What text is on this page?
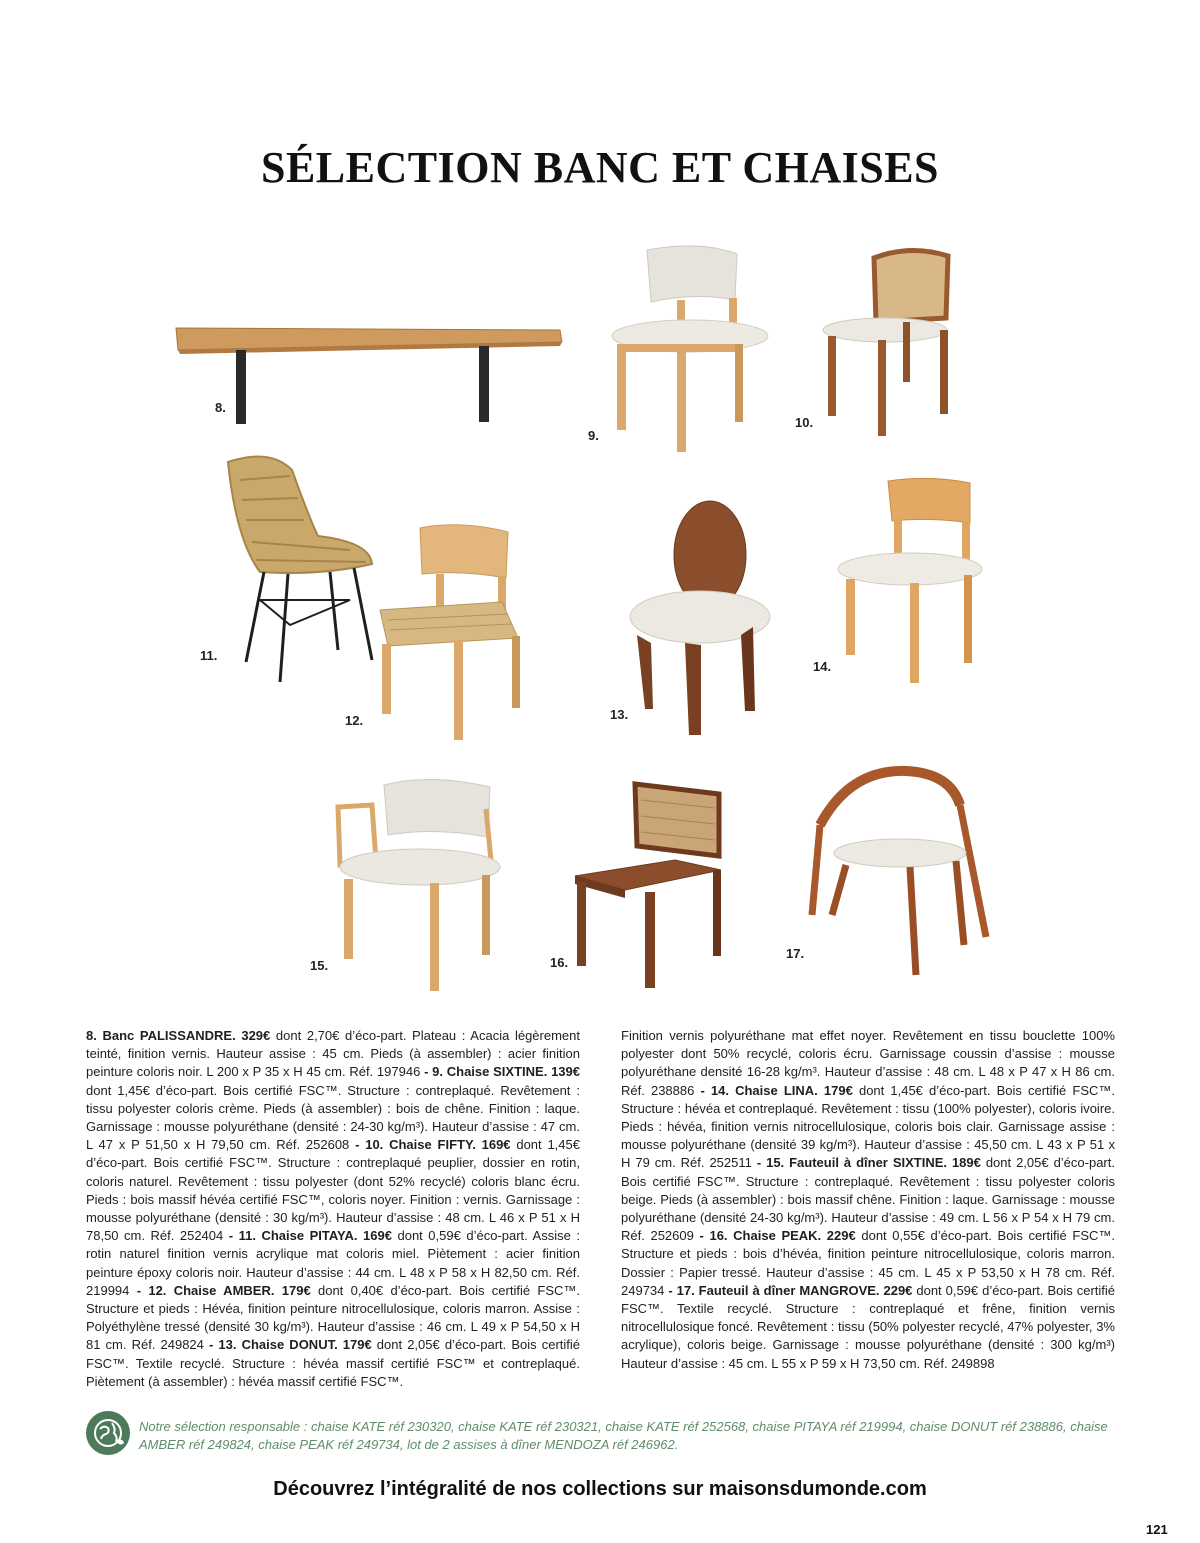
SÉLECTION BANC ET CHAISES
8.
9.
10.
11.
12.	13.
14.
15.	16.
17.
8. Banc PALISSANDRE. 329€ dont 2,70€ d’éco-part. Plateau : Acacia légèrement teinté, finition vernis. Hauteur assise : 45 cm. Pieds (à assembler) : acier finition peinture coloris noir. L 200 x P 35 x H 45 cm. Réf. 197946 - 9. Chaise SIXTINE. 139€ dont 1,45€ d’éco-part. Bois certifié FSC™. Structure : contreplaqué. Revêtement : tissu polyester coloris crème. Pieds (à assembler) : bois de chêne. Finition : laque. Garnissage : mousse polyuréthane (densité : 24-30 kg/m³). Hauteur d’assise : 47 cm. L 47 x P 51,50 x H 79,50 cm. Réf. 252608 - 10. Chaise FIFTY. 169€ dont 1,45€ d’éco-part. Bois certifié FSC™. Structure : contreplaqué peuplier, dossier en rotin, coloris naturel. Revêtement : tissu polyester (dont 52% recyclé) coloris blanc écru. Pieds : bois massif hévéa certifié FSC™, coloris noyer. Finition : vernis. Garnissage : mousse polyuréthane (densité : 30 kg/m³). Hauteur d’assise : 48 cm. L 46 x P 51 x H 78,50 cm. Réf. 252404 - 11. Chaise PITAYA. 169€ dont 0,59€ d’éco-part. Assise : rotin naturel finition vernis acrylique mat coloris miel. Piètement : acier finition peinture époxy coloris noir. Hauteur d’assise : 44 cm. L 48 x P 58 x H 82,50 cm. Réf. 219994 - 12. Chaise AMBER. 179€ dont 0,40€ d’éco-part. Bois certifié FSC™. Structure et pieds : Hévéa, finition peinture nitrocellulosique, coloris marron. Assise : Polyéthylène tressé (densité 30 kg/m³). Hauteur d’assise : 46 cm. L 49 x P 54,50 x H 81 cm. Réf. 249824 - 13. Chaise DONUT. 179€ dont 2,05€ d’éco-part. Bois certifié FSC™. Textile recyclé. Structure : hévéa massif certifié FSC™ et contreplaqué. Piètement (à assembler) : hévéa massif certifié FSC™.
Finition vernis polyuréthane mat effet noyer. Revêtement en tissu bouclette 100% polyester dont 50% recyclé, coloris écru. Garnissage coussin d’assise : mousse polyuréthane densité 16-28 kg/m³. Hauteur d’assise : 48 cm. L 48 x P 47 x H 86 cm. Réf. 238886 - 14. Chaise LINA. 179€ dont 1,45€ d’éco-part. Bois certifié FSC™. Structure : hévéa et contreplaqué. Revêtement : tissu (100% polyester), coloris ivoire. Pieds : hévéa, finition vernis nitrocellulosique, coloris bois clair. Garnissage assise : mousse polyuréthane (densité 39 kg/m³). Hauteur d’assise : 45,50 cm. L 43 x P 51 x H 79 cm. Réf. 252511 - 15. Fauteuil à dîner SIXTINE. 189€ dont 2,05€ d’éco-part. Bois certifié FSC™. Structure : contreplaqué. Revêtement : tissu polyester coloris beige. Pieds (à assembler) : bois massif chêne. Finition : laque. Garnissage : mousse polyuréthane (densité 24-30 kg/m³). Hauteur d’assise : 49 cm. L 56 x P 54 x H 79 cm. Réf. 252609 - 16. Chaise PEAK. 229€ dont 0,55€ d’éco-part. Bois certifié FSC™. Structure et pieds : bois d’hévéa, finition peinture nitrocellulosique, coloris marron. Dossier : Papier tressé. Hauteur d’assise : 45 cm. L 45 x P 53,50 x H 78 cm. Réf. 249734 - 17. Fauteuil à dîner MANGROVE. 229€ dont 0,59€ d’éco-part. Bois certifié FSC™. Textile recyclé. Structure : contreplaqué et frêne, finition vernis nitrocellulosique foncé. Revêtement : tissu (50% polyester recyclé, 47% polyester, 3% acrylique), coloris beige. Garnissage : mousse polyuréthane (densité : 300 kg/m³) Hauteur d’assise : 45 cm. L 55 x P 59 x H 73,50 cm. Réf. 249898
Notre sélection responsable : chaise KATE réf 230320, chaise KATE réf 230321, chaise KATE réf 252568, chaise PITAYA réf 219994, chaise DONUT réf 238886, chaise AMBER réf 249824, chaise PEAK réf 249734, lot de 2 assises à dîner MENDOZA réf 246962.
Découvrez l’intégralité de nos collections sur maisonsdumonde.com
121
